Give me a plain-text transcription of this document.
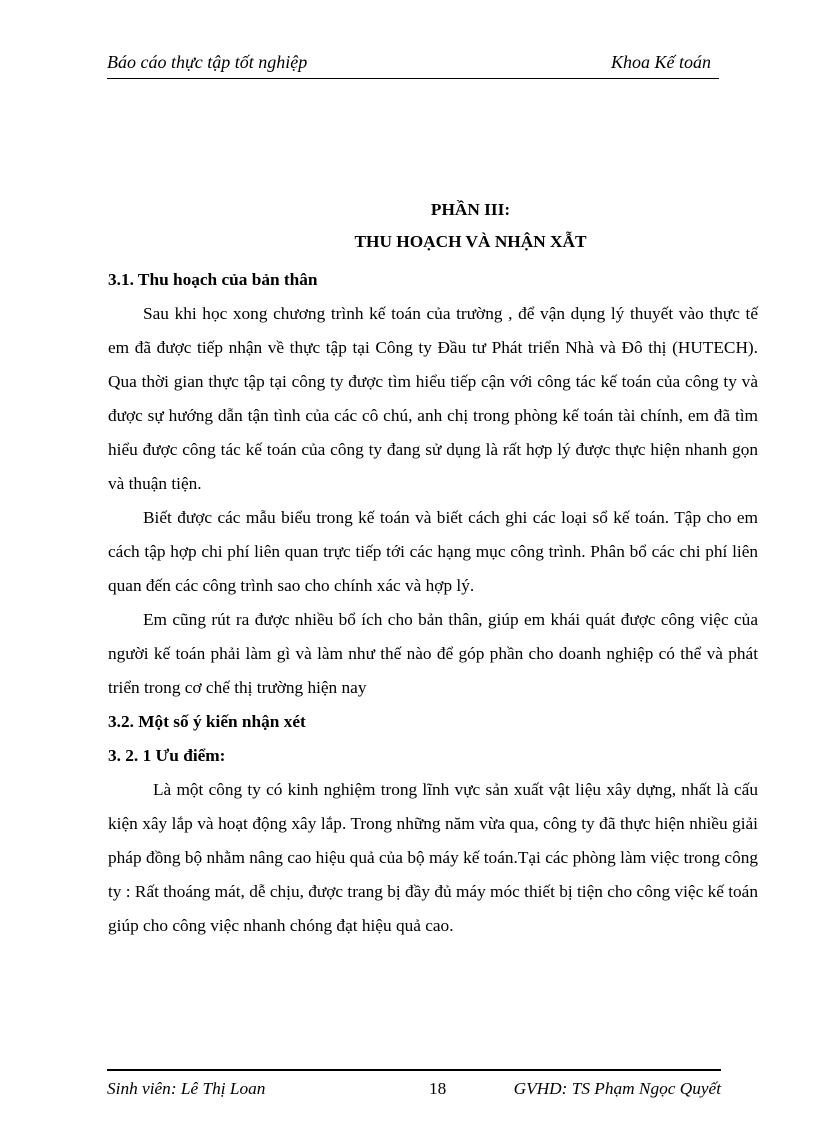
Báo cáo thực tập tốt nghiệp	Khoa Kế toán

PHẦN III:

THU HOẠCH VÀ NHẬN XẪT

3.1. Thu hoạch của bản thân

Sau khi học xong chương trình kế toán của trường , để vận dụng lý thuyết vào thực tế em đã được tiếp nhận về thực tập tại Công ty Đầu tư Phát triển Nhà và Đô thị (HUTECH). Qua thời gian thực tập tại công ty được tìm hiểu tiếp cận với công tác kế toán của công ty và được sự hướng dẫn tận tình của các cô chú, anh chị trong phòng kế toán tài chính, em đã tìm hiểu được công tác kế toán của công ty đang sử dụng là rất hợp lý được thực hiện nhanh gọn và thuận tiện.

Biết được các mẫu biểu trong kế toán và biết cách ghi các loại sổ kế toán. Tập cho em cách tập hợp chi phí liên quan trực tiếp tới các hạng mục công trình. Phân bổ các chi phí liên quan đến các công trình sao cho chính xác và hợp lý.

Em cũng rút ra được nhiều bổ ích cho bản thân, giúp em khái quát được công việc của người kế toán phải làm gì và làm như thế nào để góp phần cho doanh nghiệp có thể và phát triển trong cơ chế thị trường hiện nay

3.2. Một số ý kiến nhận xét
3. 2. 1 Ưu điểm:

Là một công ty có kinh nghiệm trong lĩnh vực sản xuất vật liệu xây dựng, nhất là cấu kiện xây lắp và hoạt động xây lắp. Trong những năm vừa qua, công ty đã thực hiện nhiều giải pháp đồng bộ nhằm nâng cao hiệu quả của bộ máy kế toán.Tại các phòng làm việc trong công ty : Rất thoáng mát, dễ chịu, được trang bị đầy đủ máy móc thiết bị tiện cho công việc kế toán giúp cho công việc nhanh chóng đạt hiệu quả cao.

Sinh viên: Lê Thị Loan	18	GVHD: TS Phạm Ngọc Quyết
